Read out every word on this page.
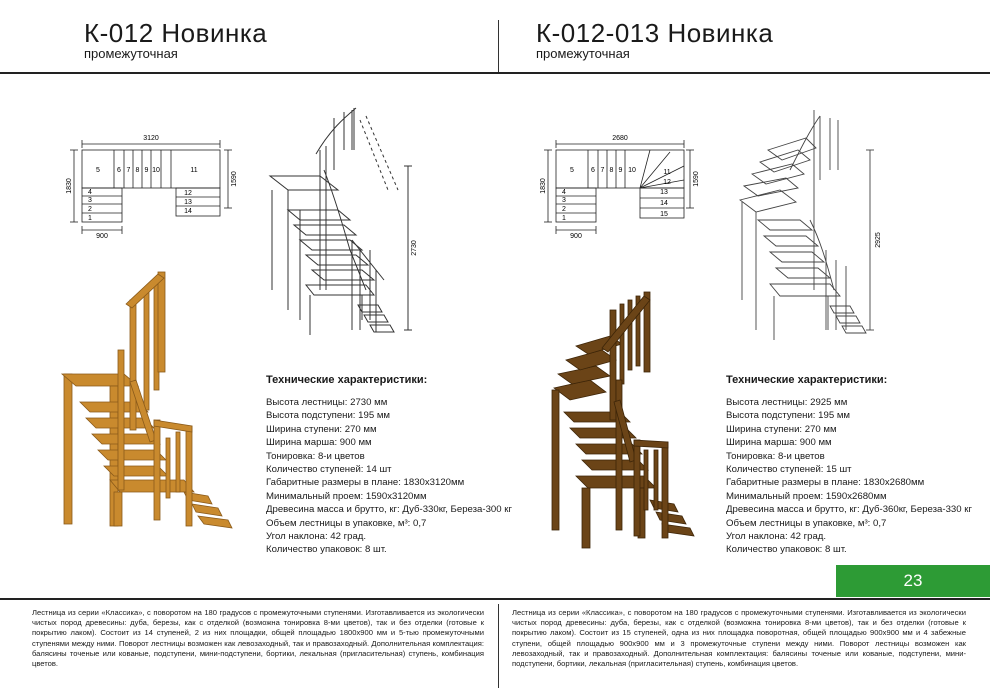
К-012 Новинка
промежуточная
К-012-013 Новинка
промежуточная
3120
1830	1590
900
5 6 7 8 9 10	11
4
3
2
1
12
13
14
2730
Технические характеристики:
Высота лестницы: 2730 мм
Высота подступени: 195 мм
Ширина ступени: 270 мм
Ширина марша: 900 мм
Тонировка: 8-и цветов
Количество ступеней: 14 шт
Габаритные размеры в плане: 1830х3120мм
Минимальный проем: 1590х3120мм
Древесина масса и брутто, кг: Дуб-330кг, Береза-300 кг
Объем лестницы в упаковке, м³: 0,7
Угол наклона: 42 град.
Количество упаковок: 8 шт.
2680
1830	1590
900
5 6 7 8 9 10	11
12
13
14
15
4
3
2
1
2925
Технические характеристики:
Высота лестницы: 2925 мм
Высота подступени: 195 мм
Ширина ступени: 270 мм
Ширина марша: 900 мм
Тонировка: 8-и цветов
Количество ступеней: 15 шт
Габаритные размеры в плане: 1830х2680мм
Минимальный проем: 1590х2680мм
Древесина масса и брутто, кг: Дуб-360кг, Береза-330 кг
Объем лестницы в упаковке, м³: 0,7
Угол наклона: 42 град.
Количество упаковок: 8 шт.
23
Лестница из серии «Классика», с поворотом на 180 градусов с промежуточными ступенями. Изготавливается из экологически чистых пород древесины: дуба, березы, как с отделкой (возможна тонировка 8-ми цветов), так и без отделки (готовые к покрытию лаком). Состоит из 14 ступеней, 2 из них площадки, общей площадью 1800х900 мм и 5-тью промежуточными ступенями между ними. Поворот лестницы возможен как левозаходный, так и правозаходный. Дополнительная комплектация: балясины точеные или кованые, подступени, мини-подступени, бортики, лекальная (пригласительная) ступень, комбинация цветов.
Лестница из серии «Классика», с поворотом на 180 градусов с промежуточными ступенями. Изготавливается из экологически чистых пород древесины: дуба, березы, как с отделкой (возможна тонировка 8-ми цветов), так и без отделки (готовые к покрытию лаком). Состоит из 15 ступеней, одна из них площадка поворотная, общей площадью 900х900 мм и 4 забежные ступени, общей площадью 900х900 мм и 3 промежуточные ступени между ними. Поворот лестницы возможен как левозаходный, так и правозаходный. Дополнительная комплектация: балясины точеные или кованые, подступени, мини-подступени, бортики, лекальная (пригласительная) ступень, комбинация цветов.
